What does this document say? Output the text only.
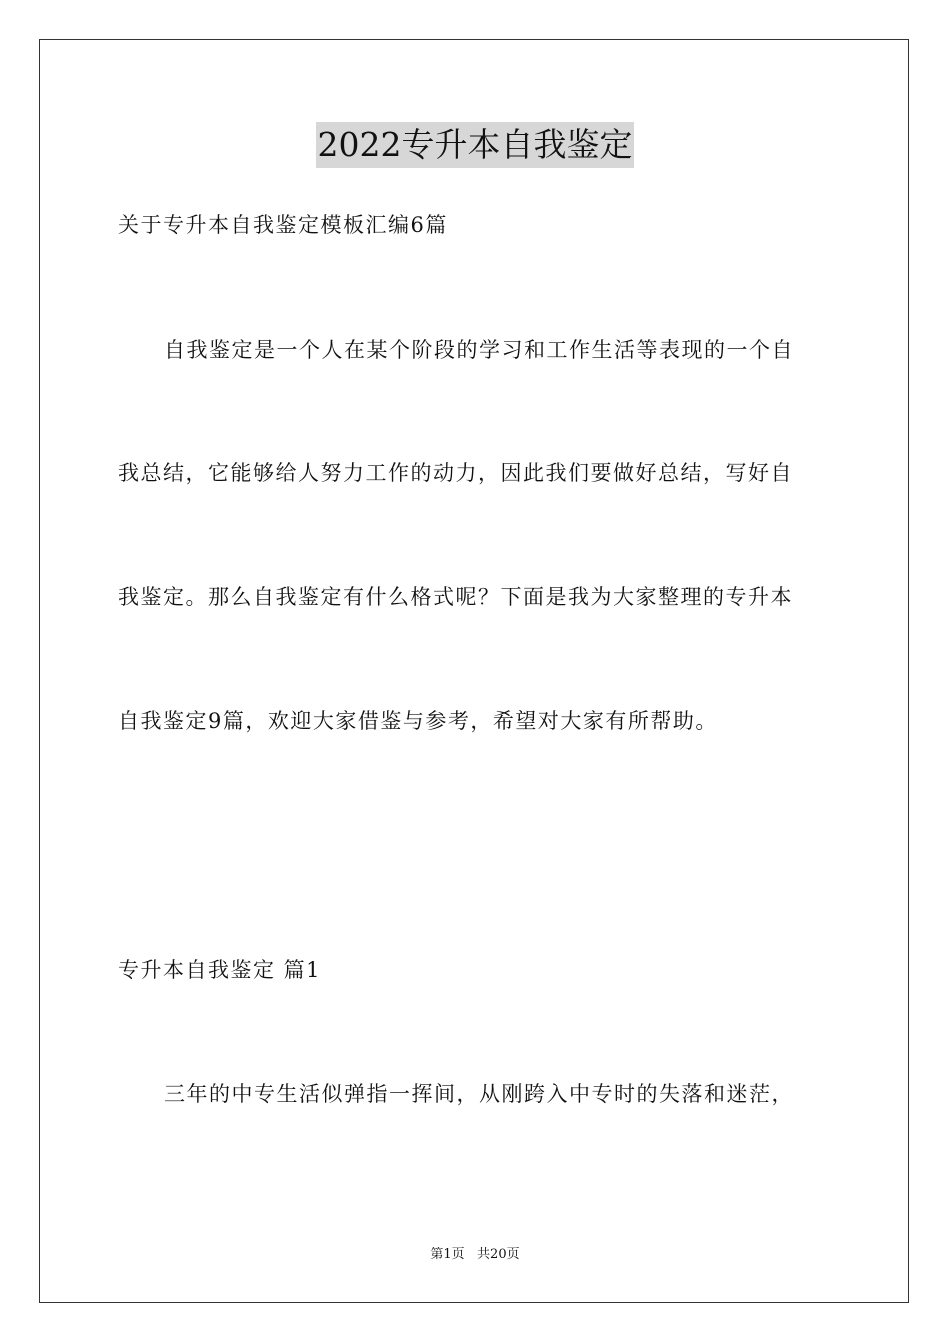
2022专升本自我鉴定
关于专升本自我鉴定模板汇编6篇
自我鉴定是一个人在某个阶段的学习和工作生活等表现的一个自
我总结，它能够给人努力工作的动力，因此我们要做好总结，写好自
我鉴定。那么自我鉴定有什么格式呢？下面是我为大家整理的专升本
自我鉴定9篇，欢迎大家借鉴与参考，希望对大家有所帮助。
专升本自我鉴定 篇1
三年的中专生活似弹指一挥间，从刚跨入中专时的失落和迷茫，
第1页   共20页
